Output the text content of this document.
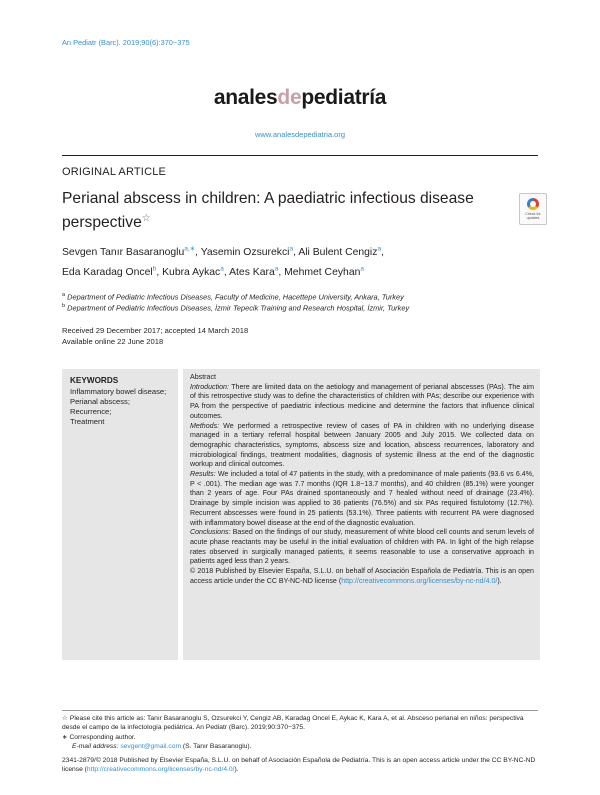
An Pediatr (Barc). 2019;90(6):370−375
analesdepediatría
www.analesdepediatria.org
ORIGINAL ARTICLE
Perianal abscess in children: A paediatric infectious disease perspective☆	Check for updates
Sevgen Tanır Basaranoglu$^{a,∗}$, Yasemin Ozsurekci$^a$, Ali Bulent Cengiz$^a$,
Eda Karadag Oncel$^b$, Kubra Aykac$^a$, Ates Kara$^a$, Mehmet Ceyhan$^a$
$^a$ Department of Pediatric Infectious Diseases, Faculty of Medicine, Hacettepe University, Ankara, Turkey
$^b$ Department of Pediatric Infectious Diseases, İzmir Tepecik Training and Research Hospital, İzmir, Turkey
Received 29 December 2017; accepted 14 March 2018
Available online 22 June 2018
KEYWORDS
Inflammatory bowel disease;
Perianal abscess;
Recurrence;
Treatment

Abstract

Introduction: There are limited data on the aetiology and management of perianal abscesses (PAs). The aim of this retrospective study was to define the characteristics of children with PAs; describe our experience with PA from the perspective of paediatric infectious medicine and determine the factors that influence clinical outcomes.

Methods: We performed a retrospective review of cases of PA in children with no underlying disease managed in a tertiary referral hospital between January 2005 and July 2015. We collected data on demographic characteristics, symptoms, abscess size and location, abscess recurrences, laboratory and microbiological findings, treatment modalities, diagnosis of systemic illness at the end of the diagnostic workup and clinical outcomes.

Results: We included a total of 47 patients in the study, with a predominance of male patients (93.6 vs 6.4%, P < .001). The median age was 7.7 months (IQR 1.8−13.7 months), and 40 children (85.1%) were younger than 2 years of age. Four PAs drained spontaneously and 7 healed without need of drainage (23.4%). Drainage by simple incision was applied to 36 patients (76.5%) and six PAs required fistulotomy (12.7%). Recurrent abscesses were found in 25 patients (53.1%). Three patients with recurrent PA were diagnosed with inflammatory bowel disease at the end of the diagnostic evaluation.

Conclusions: Based on the findings of our study, measurement of white blood cell counts and serum levels of acute phase reactants may be useful in the initial evaluation of children with PA. In light of the high relapse rates observed in surgically managed patients, it seems reasonable to use a conservative approach in patients aged less than 2 years.

© 2018 Published by Elsevier España, S.L.U. on behalf of Asociación Española de Pediatría. This is an open access article under the CC BY-NC-ND license (http://creativecommons.org/licenses/by-nc-nd/4.0/).

☆ Please cite this article as: Tanır Basaranoglu S, Ozsurekci Y, Cengiz AB, Karadag Oncel E, Aykac K, Kara A, et al. Absceso perianal en niños: perspectiva desde el campo de la infectología pediátrica. An Pediatr (Barc). 2019;90:370−375.
∗ Corresponding author.
E-mail address: sevgent@gmail.com (S. Tanır Basaranoglu).
2341-2879/© 2018 Published by Elsevier España, S.L.U. on behalf of Asociación Española de Pediatría. This is an open access article under the CC BY-NC-ND license (http://creativecommons.org/licenses/by-nc-nd/4.0/).
